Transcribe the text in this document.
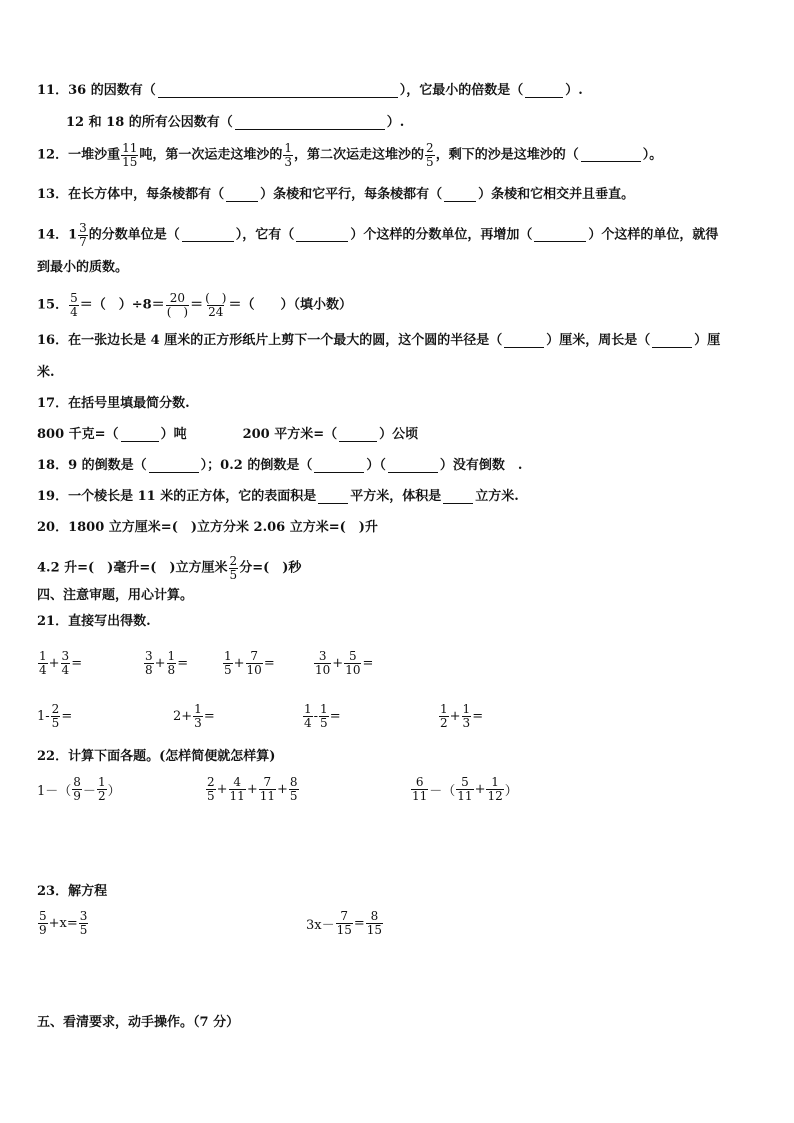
11．36 的因数有（	），它最小的倍数是（	）.
12 和 18 的所有公因数有（	）.
12．一堆沙重 $\frac{11}{15}$ 吨，第一次运走这堆沙的 $\frac{1}{3}$ ，第二次运走这堆沙的 $\frac{2}{5}$ ，剩下的沙是这堆沙的（	）。
13．在长方体中，每条棱都有（	）条棱和它平行，每条棱都有（	）条棱和它相交并且垂直。
14．$1 \frac{3}{7}$ 的分数单位是（	），它有（	）个这样的分数单位，再增加（	）个这样的单位，就得
到最小的质数。
15． $\frac{5}{4}$ ＝（　）$\div 8= \frac{20}{( )} = \frac{( )}{24}$ ＝（　　）（填小数）
16．在一张边长是 4 厘米的正方形纸片上剪下一个最大的圆，这个圆的半径是（	）厘米，周长是（	）厘
米.
17．在括号里填最简分数.
800 千克=（	）吨	200 平方米=（	）公顷
18．9 的倒数是（	）；0.2 的倒数是（	）（	）没有倒数　.
19．一个棱长是 11 米的正方体，它的表面积是	平方米，体积是	立方米.
20．1800 立方厘米=(　)立方分米 2.06 立方米=(　)升
4.2 升=(　)毫升=(　)立方厘米 $\frac{2}{5}$ 分=(　)秒
四、注意审题，用心计算。
21．直接写出得数.
$\frac{1}{4} + \frac{3}{4}$ =	$\frac{3}{8} + \frac{1}{8}$ =	$\frac{1}{5} + \frac{7}{10}$ =	$\frac{3}{10} + \frac{5}{10}$ =
$1- \frac{2}{5}$ =	$2+ \frac{1}{3}$ =	$\frac{1}{4} - \frac{1}{5}$ =	$\frac{1}{2} + \frac{1}{3}$ =
22．计算下面各题。(怎样简便就怎样算)
$1-( \frac{8}{9} - \frac{1}{2}$ ）	$\frac{2}{5} + \frac{4}{11} + \frac{7}{11} + \frac{8}{5}$	$\frac{6}{11}$ －（ $\frac{5}{11} + \frac{1}{12}$ ）
23．解方程
$\frac{5}{9} +x= \frac{3}{5}$	$3x- \frac{7}{15} = \frac{8}{15}$
五、看清要求，动手操作。（7 分）
